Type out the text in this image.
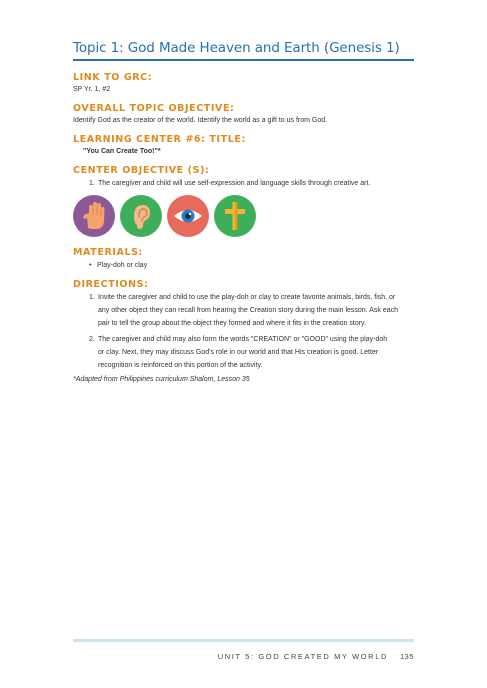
Topic 1: God Made Heaven and Earth (Genesis 1)
LINK TO GRC:
SP Yr. 1, #2
OVERALL TOPIC OBJECTIVE:
Identify God as the creator of the world. Identify the world as a gift to us from God.
LEARNING CENTER #6: TITLE:
"You Can Create Too!"*
CENTER OBJECTIVE (S):
1. The caregiver and child will use self-expression and language skills through creative art.
MATERIALS:
• Play-doh or clay
DIRECTIONS:
1. Invite the caregiver and child to use the play-doh or clay to create favorite animals, birds, fish, or
any other object they can recall from hearing the Creation story during the main lesson. Ask each
pair to tell the group about the object they formed and where it fits in the creation story.
2. The caregiver and child may also form the words "CREATION" or "GOOD" using the play-doh
or clay. Next, they may discuss God's role in our world and that His creation is good. Letter
recognition is reinforced on this portion of the activity.
*Adapted from Philippines curriculum Shalom, Lesson 35
UNIT 5: GOD CREATED MY WORLD 135
